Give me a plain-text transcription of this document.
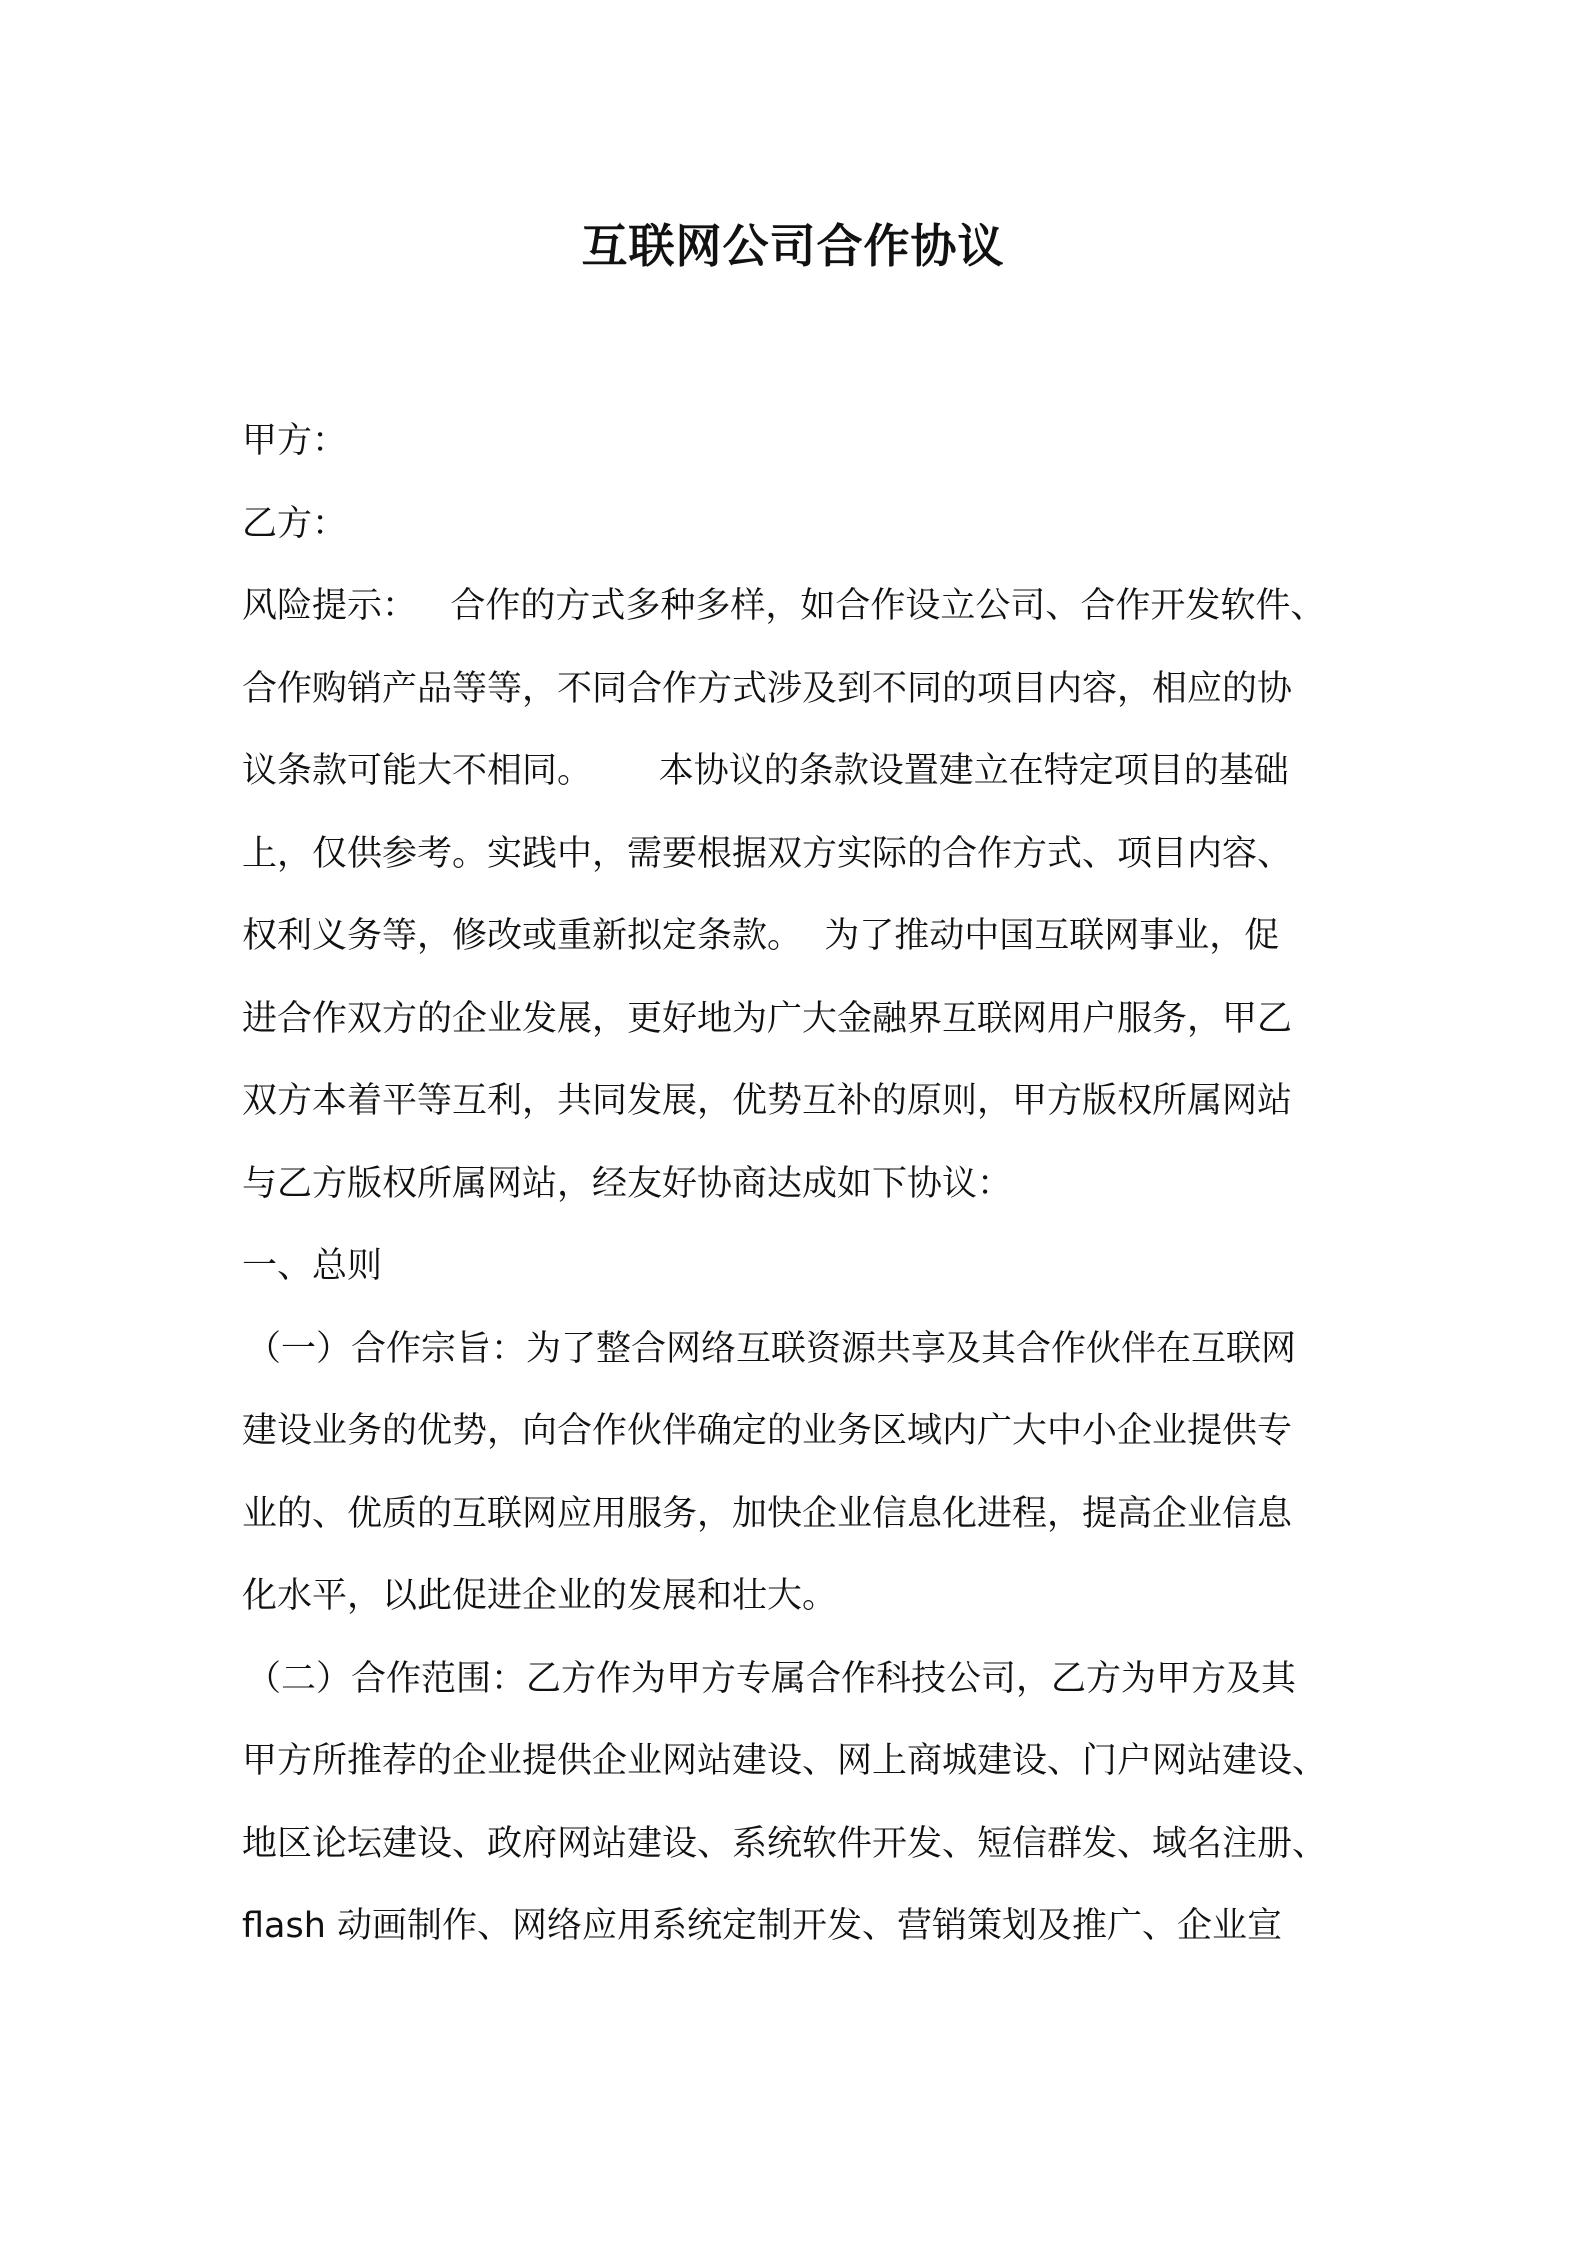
互联网公司合作协议
甲方：
乙方：
风险提示：   合作的方式多种多样，如合作设立公司、合作开发软件、
合作购销产品等等，不同合作方式涉及到不同的项目内容，相应的协
议条款可能大不相同。      本协议的条款设置建立在特定项目的基础
上，仅供参考。实践中，需要根据双方实际的合作方式、项目内容、
权利义务等，修改或重新拟定条款。  为了推动中国互联网事业，促
进合作双方的企业发展，更好地为广大金融界互联网用户服务，甲乙
双方本着平等互利，共同发展，优势互补的原则，甲方版权所属网站
与乙方版权所属网站，经友好协商达成如下协议：
一、总则
（一）合作宗旨：为了整合网络互联资源共享及其合作伙伴在互联网
建设业务的优势，向合作伙伴确定的业务区域内广大中小企业提供专
业的、优质的互联网应用服务，加快企业信息化进程，提高企业信息
化水平，以此促进企业的发展和壮大。
（二）合作范围：乙方作为甲方专属合作科技公司，乙方为甲方及其
甲方所推荐的企业提供企业网站建设、网上商城建设、门户网站建设、
地区论坛建设、政府网站建设、系统软件开发、短信群发、域名注册、
flash 动画制作、网络应用系统定制开发、营销策划及推广、企业宣
